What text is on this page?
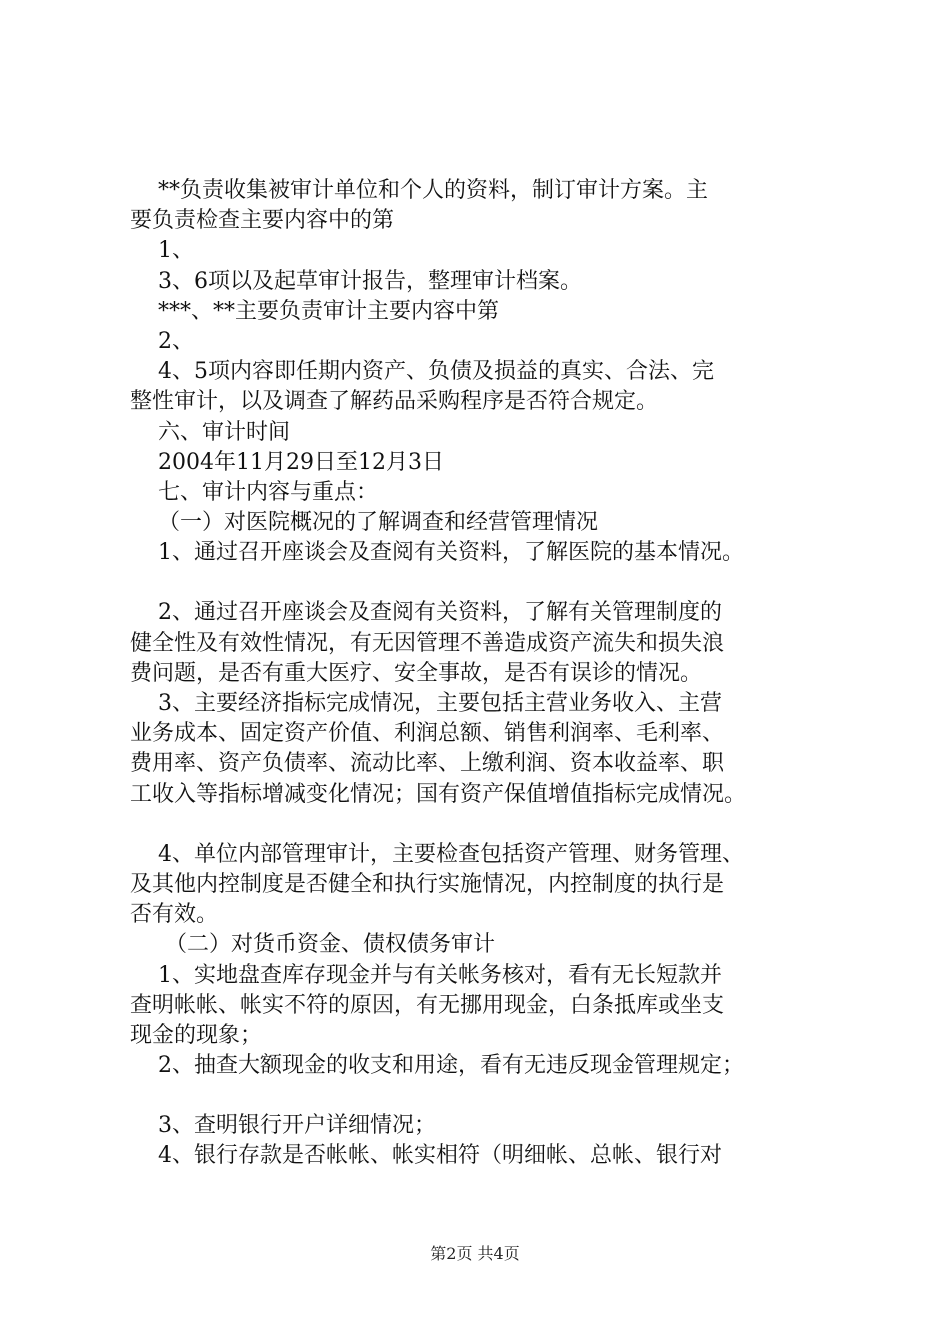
**负责收集被审计单位和个人的资料，制订审计方案。主
要负责检查主要内容中的第
1、
3、6项以及起草审计报告，整理审计档案。
***、**主要负责审计主要内容中第
2、
4、5项内容即任期内资产、负债及损益的真实、合法、完
整性审计，以及调查了解药品采购程序是否符合规定。
六、审计时间
2004年11月29日至12月3日
七、审计内容与重点：
（一）对医院概况的了解调查和经营管理情况
1、通过召开座谈会及查阅有关资料，了解医院的基本情况。
2、通过召开座谈会及查阅有关资料，了解有关管理制度的
健全性及有效性情况，有无因管理不善造成资产流失和损失浪
费问题，是否有重大医疗、安全事故，是否有误诊的情况。
3、主要经济指标完成情况，主要包括主营业务收入、主营
业务成本、固定资产价值、利润总额、销售利润率、毛利率、
费用率、资产负债率、流动比率、上缴利润、资本收益率、职
工收入等指标增减变化情况；国有资产保值增值指标完成情况。
4、单位内部管理审计，主要检查包括资产管理、财务管理、
及其他内控制度是否健全和执行实施情况，内控制度的执行是
否有效。
（二）对货币资金、债权债务审计
1、实地盘查库存现金并与有关帐务核对，看有无长短款并
查明帐帐、帐实不符的原因，有无挪用现金，白条抵库或坐支
现金的现象；
2、抽查大额现金的收支和用途，看有无违反现金管理规定；
3、查明银行开户详细情况；
4、银行存款是否帐帐、帐实相符（明细帐、总帐、银行对
第2页 共4页
